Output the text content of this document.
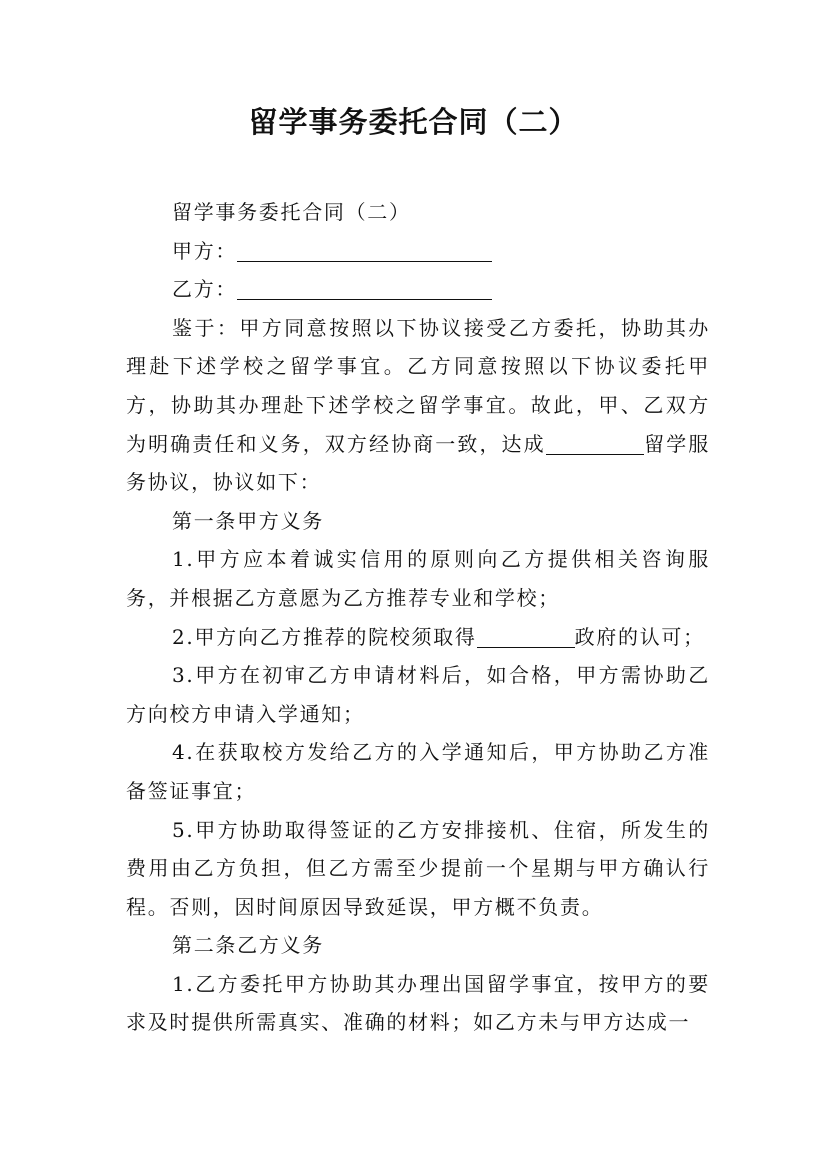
留学事务委托合同（二）

留学事务委托合同（二）

甲方：

乙方：

鉴于：甲方同意按照以下协议接受乙方委托，协助其办理赴下述学校之留学事宜。乙方同意按照以下协议委托甲方，协助其办理赴下述学校之留学事宜。故此，甲、乙双方为明确责任和义务，双方经协商一致，达成	留学服务协议，协议如下：

第一条甲方义务

1.甲方应本着诚实信用的原则向乙方提供相关咨询服务，并根据乙方意愿为乙方推荐专业和学校；

2.甲方向乙方推荐的院校须取得	政府的认可；

3.甲方在初审乙方申请材料后，如合格，甲方需协助乙方向校方申请入学通知；

4.在获取校方发给乙方的入学通知后，甲方协助乙方准备签证事宜；

5.甲方协助取得签证的乙方安排接机、住宿，所发生的费用由乙方负担，但乙方需至少提前一个星期与甲方确认行程。否则，因时间原因导致延误，甲方概不负责。

第二条乙方义务

1.乙方委托甲方协助其办理出国留学事宜，按甲方的要求及时提供所需真实、准确的材料；如乙方未与甲方达成一
